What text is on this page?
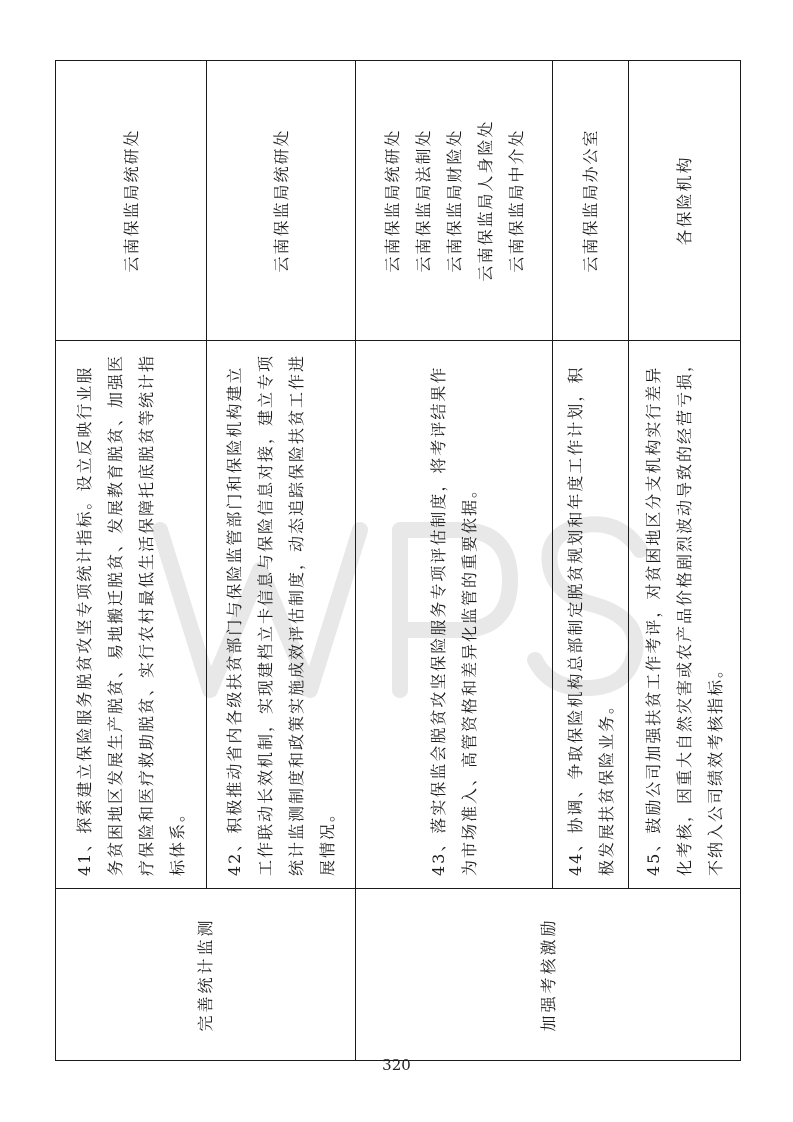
完善统计监测	41、探索建立保险服务脱贫攻坚专项统计指标。设立反映行业服务贫困地区发展生产脱贫、易地搬迁脱贫、发展教育脱贫、加强医疗保险和医疗救助脱贫、实行农村最低生活保障托底脱贫等统计指标体系。	云南保监局统研处

	42、积极推动省内各级扶贫部门与保险监管部门和保险机构建立工作联动长效机制，实现建档立卡信息与保险信息对接，建立专项统计监测制度和政策实施成效评估制度，动态追踪保险扶贫工作进展情况。	云南保监局统研处

加强考核激励	43、落实保监会脱贫攻坚保险服务专项评估制度，将考评结果作为市场准入、高管资格和差异化监管的重要依据。	云南保监局统研处 云南保监局法制处 云南保监局财险处 云南保监局人身险处 云南保监局中介处

	44、协调、争取保险机构总部制定脱贫规划和年度工作计划，积极发展扶贫保险业务。	云南保监局办公室

	45、鼓励公司加强扶贫工作考评，对贫困地区分支机构实行差异化考核，因重大自然灾害或农产品价格剧烈波动导致的经营亏损，不纳入公司绩效考核指标。	各保险机构
320
